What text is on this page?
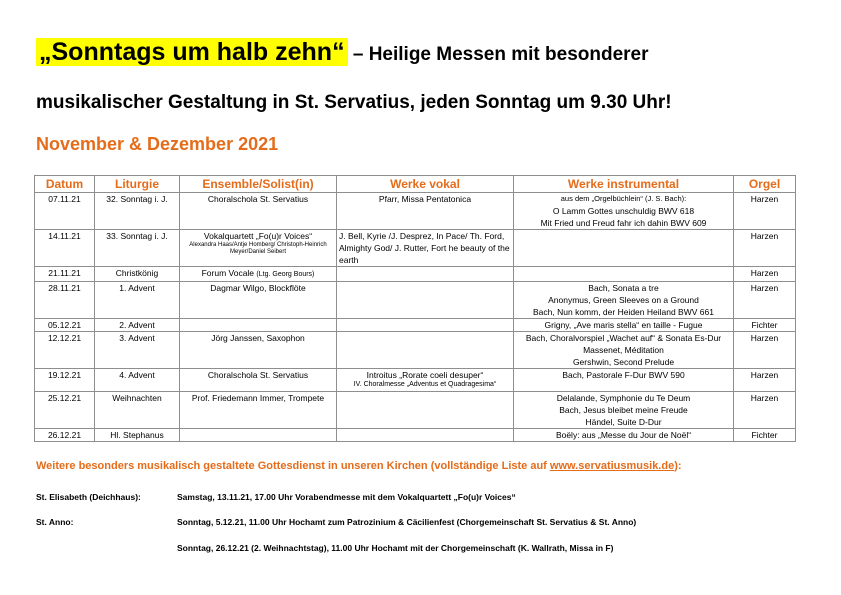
„Sonntags um halb zehn“ – Heilige Messen mit besonderer
musikalischer Gestaltung in St. Servatius, jeden Sonntag um 9.30 Uhr!
November & Dezember 2021
Datum	Liturgie	Ensemble/Solist(in)	Werke vokal	Werke instrumental	Orgel
07.11.21	32. Sonntag i. J.	Choralschola St. Servatius	Pfarr, Missa Pentatonica	aus dem „Orgelbüchlein“ (J. S. Bach):
O Lamm Gottes unschuldig BWV 618
Mit Fried und Freud fahr ich dahin BWV 609	Harzen
14.11.21	33. Sonntag i. J.	Vokalquartett „Fo(u)r Voices“
Alexandra Haas/Antje Homberg/ Christoph-Heinrich Meyer/Daniel Seibert	J. Bell, Kyrie /J. Desprez, In Pace/ Th. Ford, Almighty God/ J. Rutter, Fort he beauty of the earth		Harzen
21.11.21	Christkönig	Forum Vocale (Ltg. Georg Bours)			Harzen
28.11.21	1. Advent	Dagmar Wilgo, Blockflöte		Bach, Sonata a tre
Anonymus, Green Sleeves on a Ground
Bach, Nun komm, der Heiden Heiland BWV 661	Harzen
05.12.21	2. Advent			Grigny, „Ave maris stella“ en taille - Fugue	Fichter
12.12.21	3. Advent	Jörg Janssen, Saxophon		Bach, Choralvorspiel „Wachet auf“ & Sonata Es-Dur
Massenet, Méditation
Gershwin, Second Prelude	Harzen
19.12.21	4. Advent	Choralschola St. Servatius	Introitus „Rorate coeli desuper“
IV. Choralmesse „Adventus et Quadragesima“	Bach, Pastorale F-Dur BWV 590	Harzen
25.12.21	Weihnachten	Prof. Friedemann Immer, Trompete		Delalande, Symphonie du Te Deum
Bach, Jesus bleibet meine Freude
Händel, Suite D-Dur	Harzen
26.12.21	Hl. Stephanus			Boëly: aus „Messe du Jour de Noël“	Fichter
Weitere besonders musikalisch gestaltete Gottesdienst in unseren Kirchen (vollständige Liste auf www.servatiusmusik.de):
St. Elisabeth (Deichhaus):	Samstag, 13.11.21, 17.00 Uhr Vorabendmesse mit dem Vokalquartett „Fo(u)r Voices“
St. Anno:	Sonntag, 5.12.21, 11.00 Uhr Hochamt zum Patrozinium & Cäcilienfest (Chorgemeinschaft St. Servatius & St. Anno)
Sonntag, 26.12.21 (2. Weihnachtstag), 11.00 Uhr Hochamt mit der Chorgemeinschaft (K. Wallrath, Missa in F)
